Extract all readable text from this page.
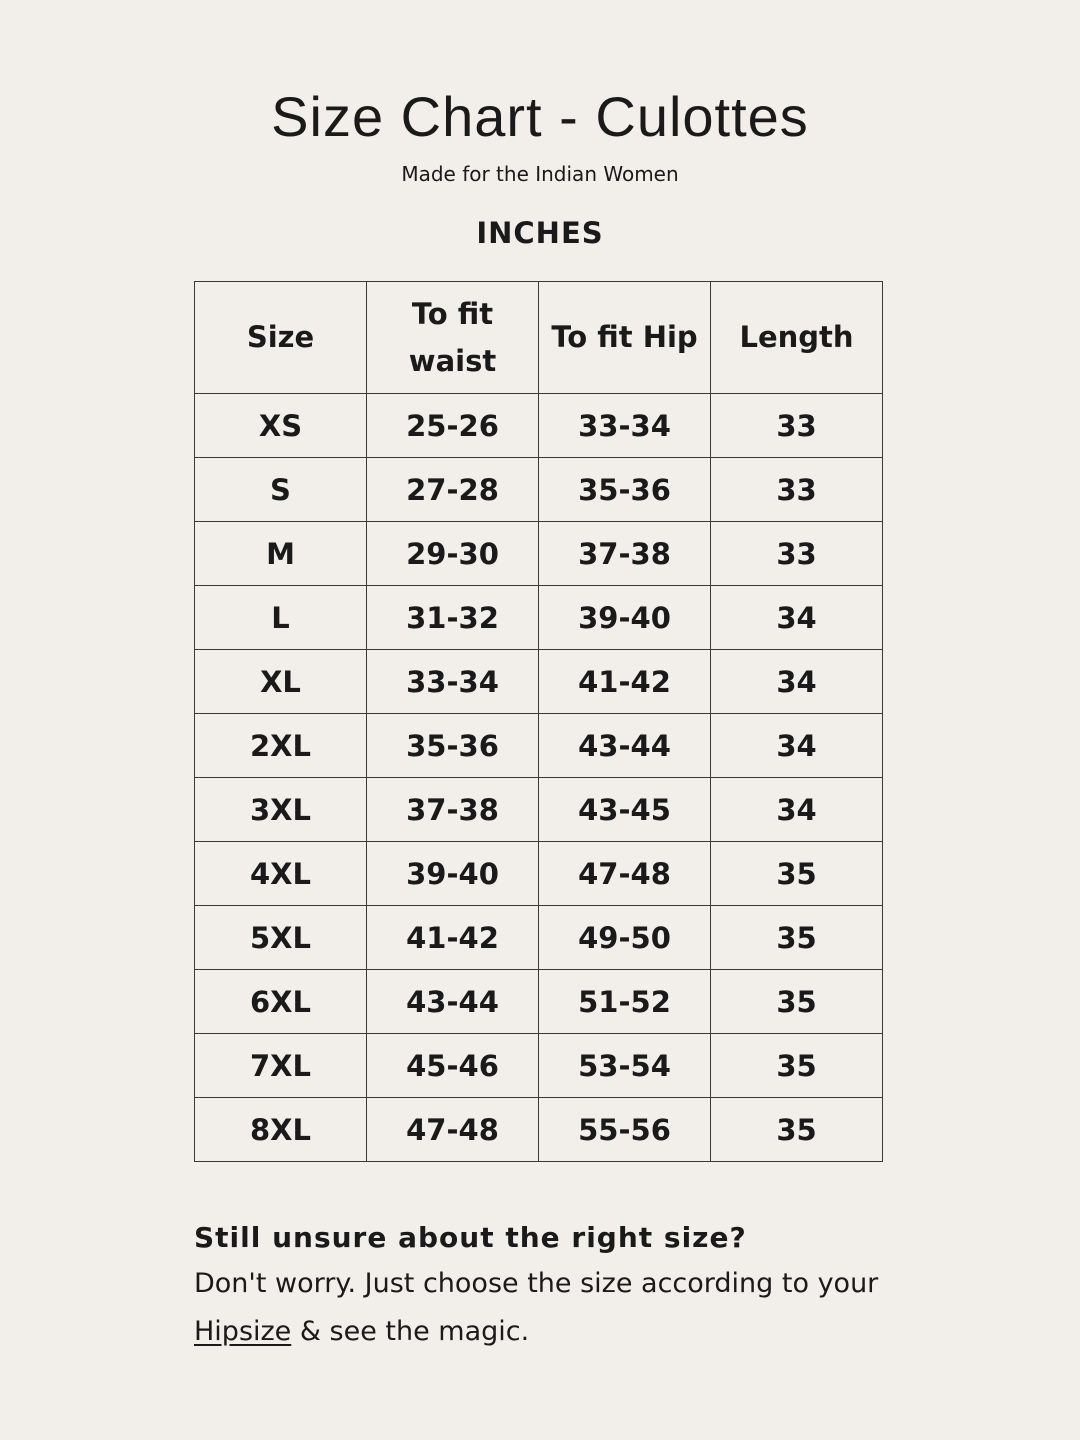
Size Chart - Culottes
Made for the Indian Women
INCHES
Size	To fit waist	To fit Hip	Length
XS	25-26	33-34	33
S	27-28	35-36	33
M	29-30	37-38	33
L	31-32	39-40	34
XL	33-34	41-42	34
2XL	35-36	43-44	34
3XL	37-38	43-45	34
4XL	39-40	47-48	35
5XL	41-42	49-50	35
6XL	43-44	51-52	35
7XL	45-46	53-54	35
8XL	47-48	55-56	35

Still unsure about the right size?

Don't worry. Just choose the size according to your Hipsize & see the magic.
